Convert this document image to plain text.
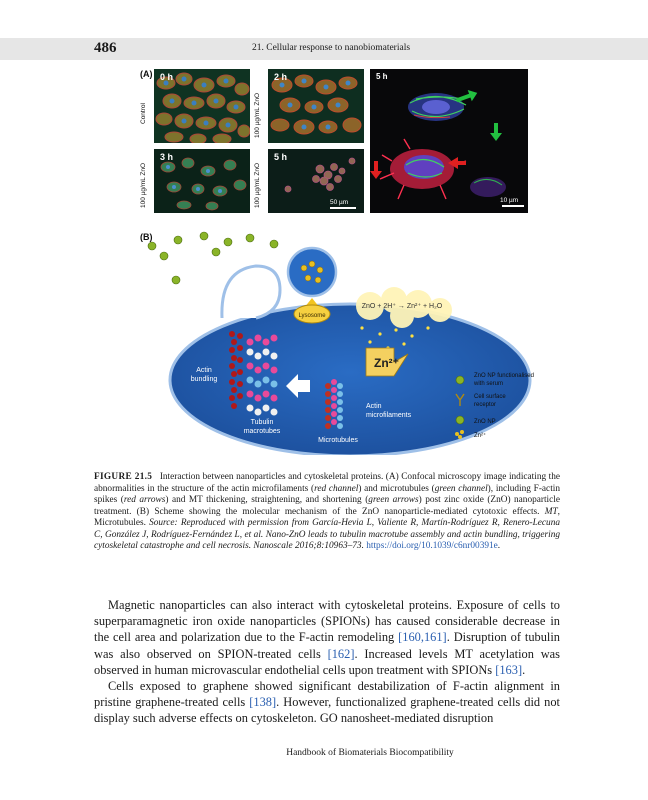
486	21. Cellular response to nanobiomaterials
(A)
Control	100 µg/mL ZnO
100 µg/mL ZnO	100 µg/mL ZnO
0 h	2 h
3 h	5 h
50 µm
5 h
10 µm
(B)
Lysosome
ZnO + 2H⁺ → Zn²⁺ + H₂O
Zn²⁺
Actin
bundling
Tubulin
macrotubes
Actin
microfilaments
Microtubules
ZnO NP functionalised
with serum
Cell surface
receptor
ZnO NP
Zn²⁺
FIGURE 21.5 Interaction between nanoparticles and cytoskeletal proteins. (A) Confocal microscopy image indicating the abnormalities in the structure of the actin microfilaments (red channel) and microtubules (green channel), including F-actin spikes (red arrows) and MT thickening, straightening, and shortening (green arrows) post zinc oxide (ZnO) nanoparticle treatment. (B) Scheme showing the molecular mechanism of the ZnO nanoparticle-mediated cytotoxic effects. MT, Microtubules. Source: Reproduced with permission from García-Hevia L, Valiente R, Martín-Rodríguez R, Renero-Lecuna C, González J, Rodríguez-Fernández L, et al. Nano-ZnO leads to tubulin macrotube assembly and actin bundling, triggering cytoskeletal catastrophe and cell necrosis. Nanoscale 2016;8:10963–73. https://doi.org/10.1039/c6nr00391e.

Magnetic nanoparticles can also interact with cytoskeletal proteins. Exposure of cells to superparamagnetic iron oxide nanoparticles (SPIONs) has caused considerable decrease in the cell area and polarization due to the F-actin remodeling [160,161]. Disruption of tubulin was also observed on SPION-treated cells [162]. Increased levels MT acetylation was observed in human microvascular endothelial cells upon treatment with SPIONs [163].

Cells exposed to graphene showed significant destabilization of F-actin alignment in pristine graphene-treated cells [138]. However, functionalized graphene-treated cells did not display such adverse effects on cytoskeleton. GO nanosheet-mediated disruption

Handbook of Biomaterials Biocompatibility
